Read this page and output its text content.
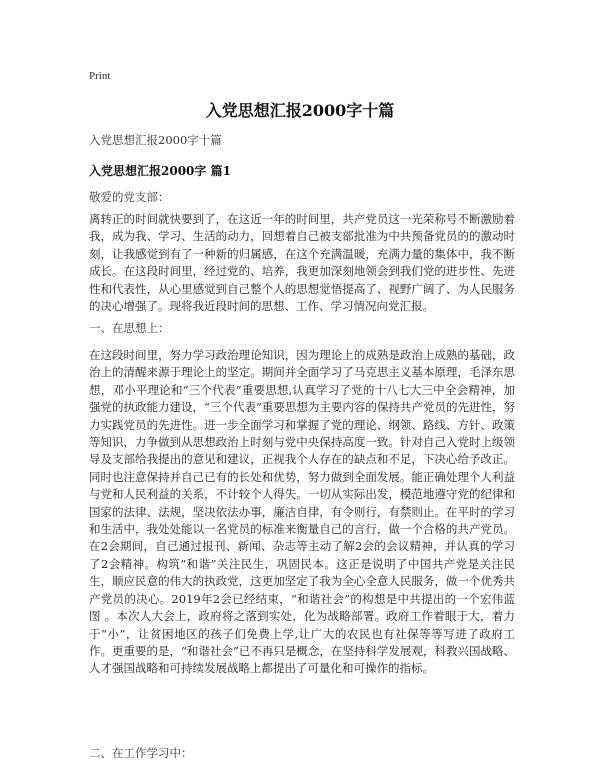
Print
入党思想汇报2000字十篇
入党思想汇报2000字十篇
入党思想汇报2000字 篇1
敬爱的党支部：

离转正的时间就快要到了，在这近一年的时间里，共产党员这一光荣称号不断激励着我，成为我、学习、生活的动力，回想着自己被支部批准为中共预备党员的的激动时刻，让我感觉到有了一种新的归属感，在这个充满温暖，充满力量的集体中，我不断成长。在这段时间里，经过党的、培养，我更加深刻地领会到我们党的进步性、先进性和代表性，从心里感觉到自己整个人的思想觉悟提高了、视野广阔了、为人民服务的决心增强了。现将我近段时间的思想、工作、学习情况向党汇报。

一、在思想上：

在这段时间里，努力学习政治理论知识，因为理论上的成熟是政治上成熟的基础，政治上的清醒来源于理论上的坚定。期间并全面学习了马克思主义基本原理，毛泽东思想，邓小平理论和“三个代表”重要思想,认真学习了党的十八七大三中全会精神，加强党的执政能力建设，“三个代表”重要思想为主要内容的保持共产党员的先进性，努力实践党员的先进性。进一步全面学习和掌握了党的理论、纲领、路线、方针、政策等知识，力争做到从思想政治上时刻与党中央保持高度一致。针对自己入党时上级领导及支部给我提出的意见和建议，正视我个人存在的缺点和不足，下决心给予改正。同时也注意保持并自己已有的长处和优势，努力做到全面发展。能正确处理个人利益与党和人民利益的关系，不计较个人得失。一切从实际出发，模范地遵守党的纪律和国家的法律、法规，坚决依法办事，廉洁自律，有令则行，有禁则止。在平时的学习和生活中，我处处能以一名党员的标准来衡量自己的言行，做一个合格的共产党员。在2会期间，自己通过报刊、新闻、杂志等主动了解2会的会议精神，并认真的学习了2会精神。构筑“和谐”关注民生，巩固民本。这正是说明了中国共产党是关注民生，顺应民意的伟大的执政党，这更加坚定了我为全心全意人民服务，做一个优秀共产党员的决心。2019年2会已经结束，“和谐社会”的构想是中共提出的一个宏伟蓝图 。本次人大会上，政府将之落到实处，化为战略部署。政府工作着眼于大，着力于“小”，让贫困地区的孩子们免费上学,让广大的农民也有社保等等写进了政府工作。更重要的是，“和谐社会”已不再只是概念，在坚持科学发展观，科教兴国战略、人才强国战略和可持续发展战略上都提出了可量化和可操作的指标。

二、在工作学习中：
